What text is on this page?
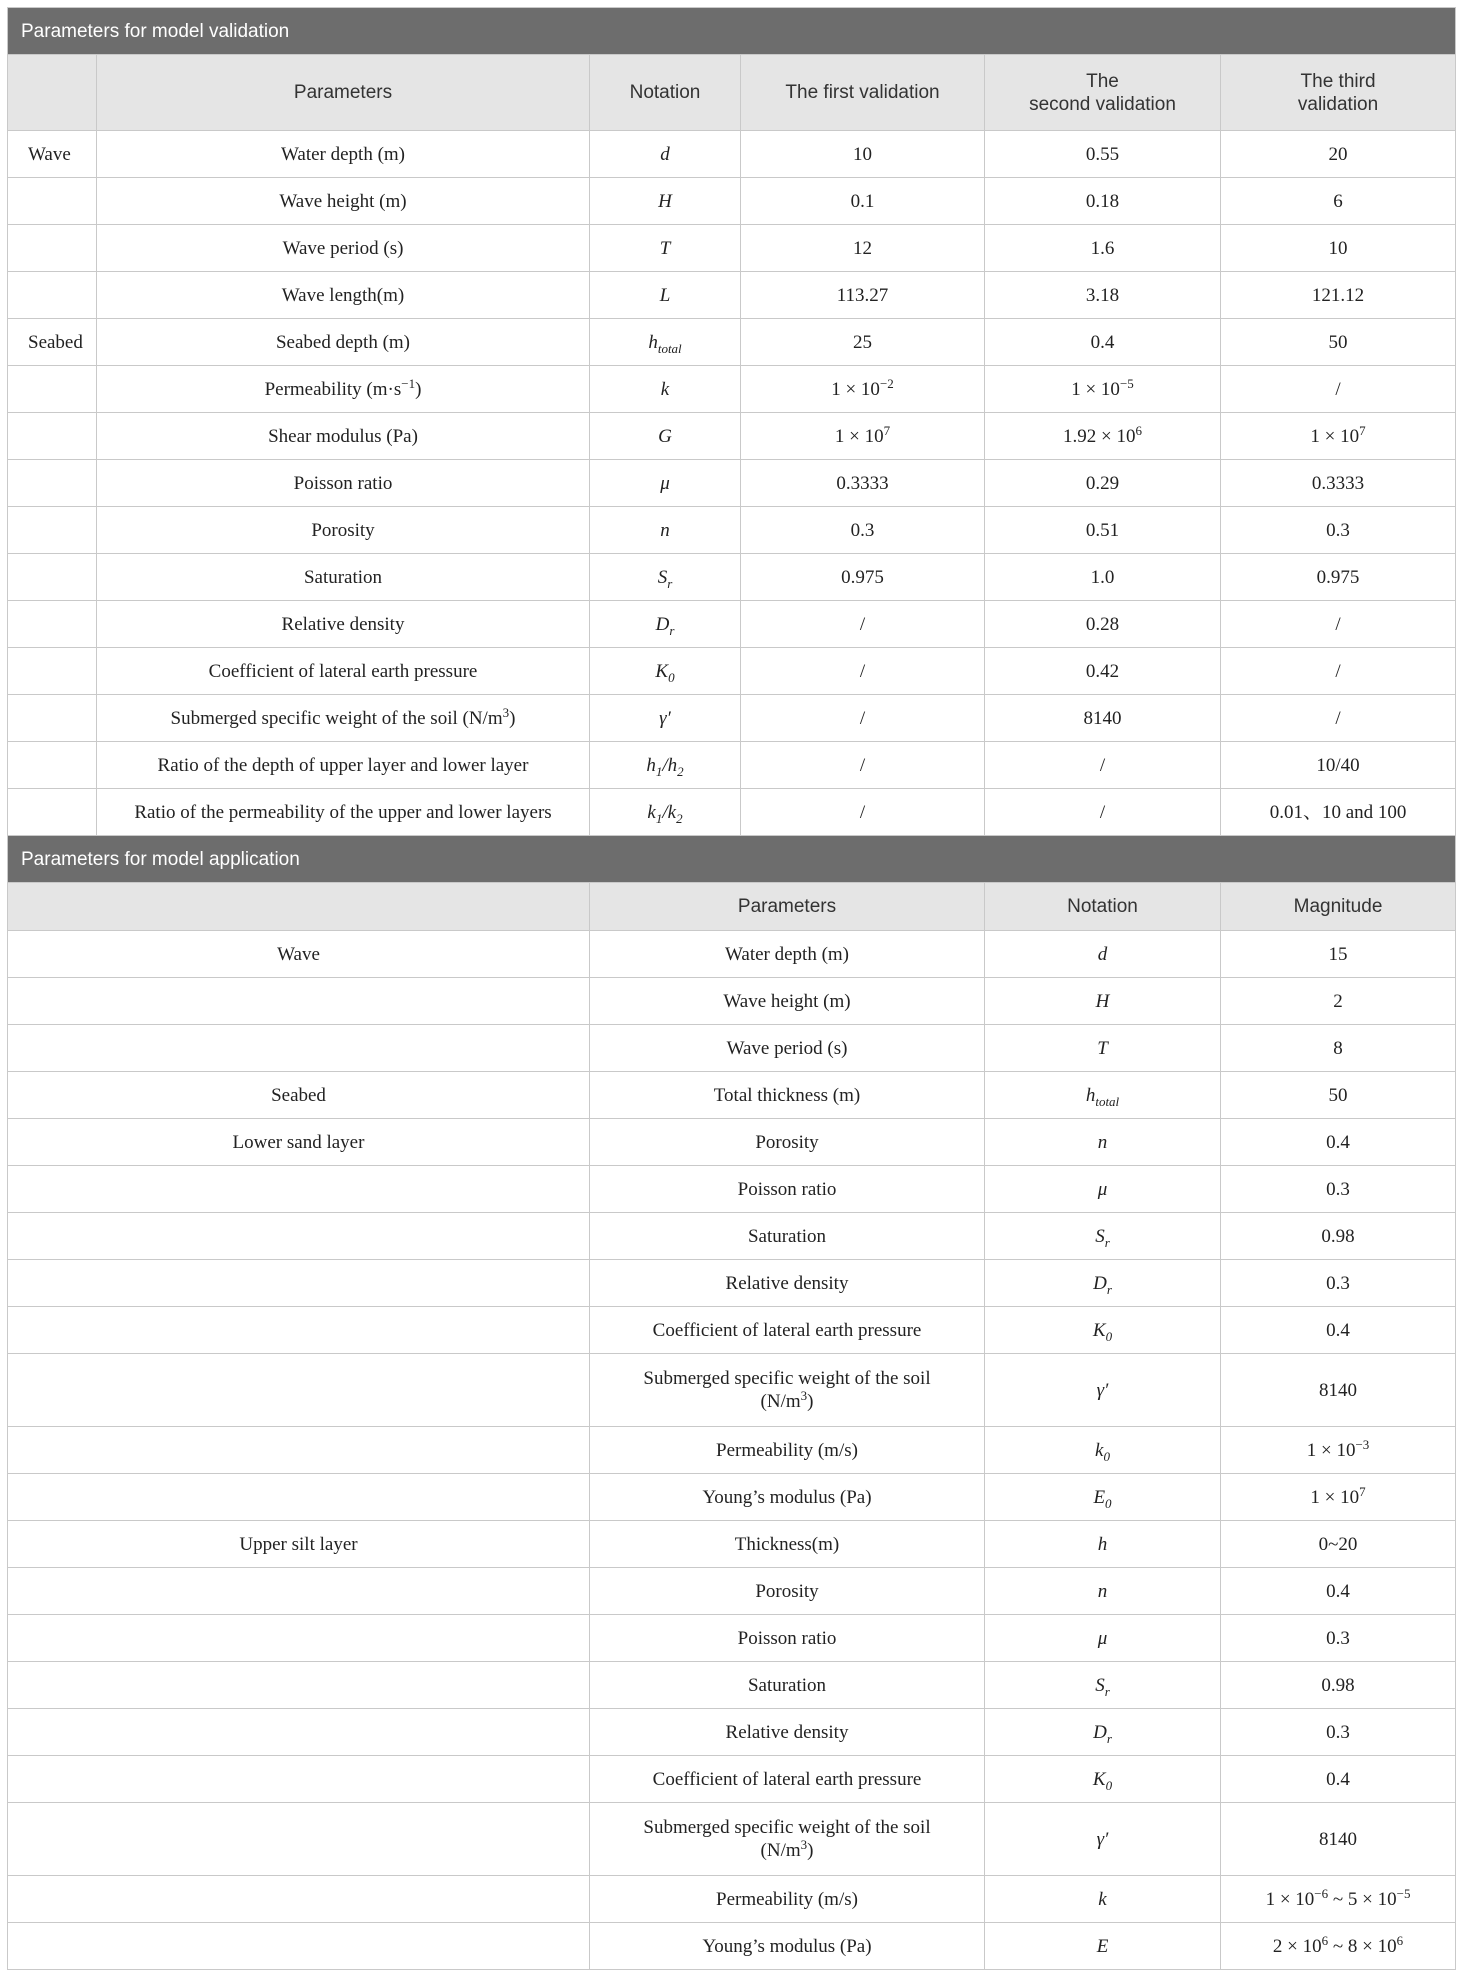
Parameters for model validation					
	Parameters	Notation	The first validation	The
second validation	The third
validation
Wave	Water depth (m)	d	10	0.55	20
	Wave height (m)	H	0.1	0.18	6
	Wave period (s)	T	12	1.6	10
	Wave length(m)	L	113.27	3.18	121.12
Seabed	Seabed depth (m)	$h_{total}$	25	0.4	50
	Permeability $(m\cdot s^{-1})$	k	$1 \times 10^{-2}$	$1 \times 10^{-5}$	/
	Shear modulus (Pa)	G	$1 \times 10^7$	$1.92 \times 10^6$	$1 \times 10^7$
	Poisson ratio	μ	0.3333	0.29	0.3333
	Porosity	n	0.3	0.51	0.3
	Saturation	$S_r$	0.975	1.0	0.975
	Relative density	$D_r$	/	0.28	/
	Coefficient of lateral earth pressure	$K_0$	/	0.42	/
	Submerged specific weight of the soil $(N/m^3)$	γ′	/	8140	/
	Ratio of the depth of upper layer and lower layer	$h_1/h_2$	/	/	10/40
	Ratio of the permeability of the upper and lower layers	$k_1/k_2$	/	/	0.01、10 and 100
Parameters for model application					
		Parameters		Notation	Magnitude
Wave		Water depth (m)		d	15
		Wave height (m)		H	2
		Wave period (s)		T	8
Seabed		Total thickness (m)		$h_{total}$	50
Lower sand layer		Porosity		n	0.4
		Poisson ratio		μ	0.3
		Saturation		$S_r$	0.98
		Relative density		$D_r$	0.3
		Coefficient of lateral earth pressure		$K_0$	0.4
		Submerged specific weight of the soil
$(N/m^3)$		γ′	8140
		Permeability (m/s)		$k_0$	$1 \times 10^{-3}$
		Young’s modulus (Pa)		$E_0$	$1 \times 10^7$
Upper silt layer		Thickness(m)		h	0~20
		Porosity		n	0.4
		Poisson ratio		μ	0.3
		Saturation		$S_r$	0.98
		Relative density		$D_r$	0.3
		Coefficient of lateral earth pressure		$K_0$	0.4
		Submerged specific weight of the soil
$(N/m^3)$		γ′	8140
		Permeability (m/s)		k	$1 \times 10^{-6}$ ~ $5 \times 10^{-5}$
		Young’s modulus (Pa)		E	$2 \times 10^6$ ~ $8 \times 10^6$
